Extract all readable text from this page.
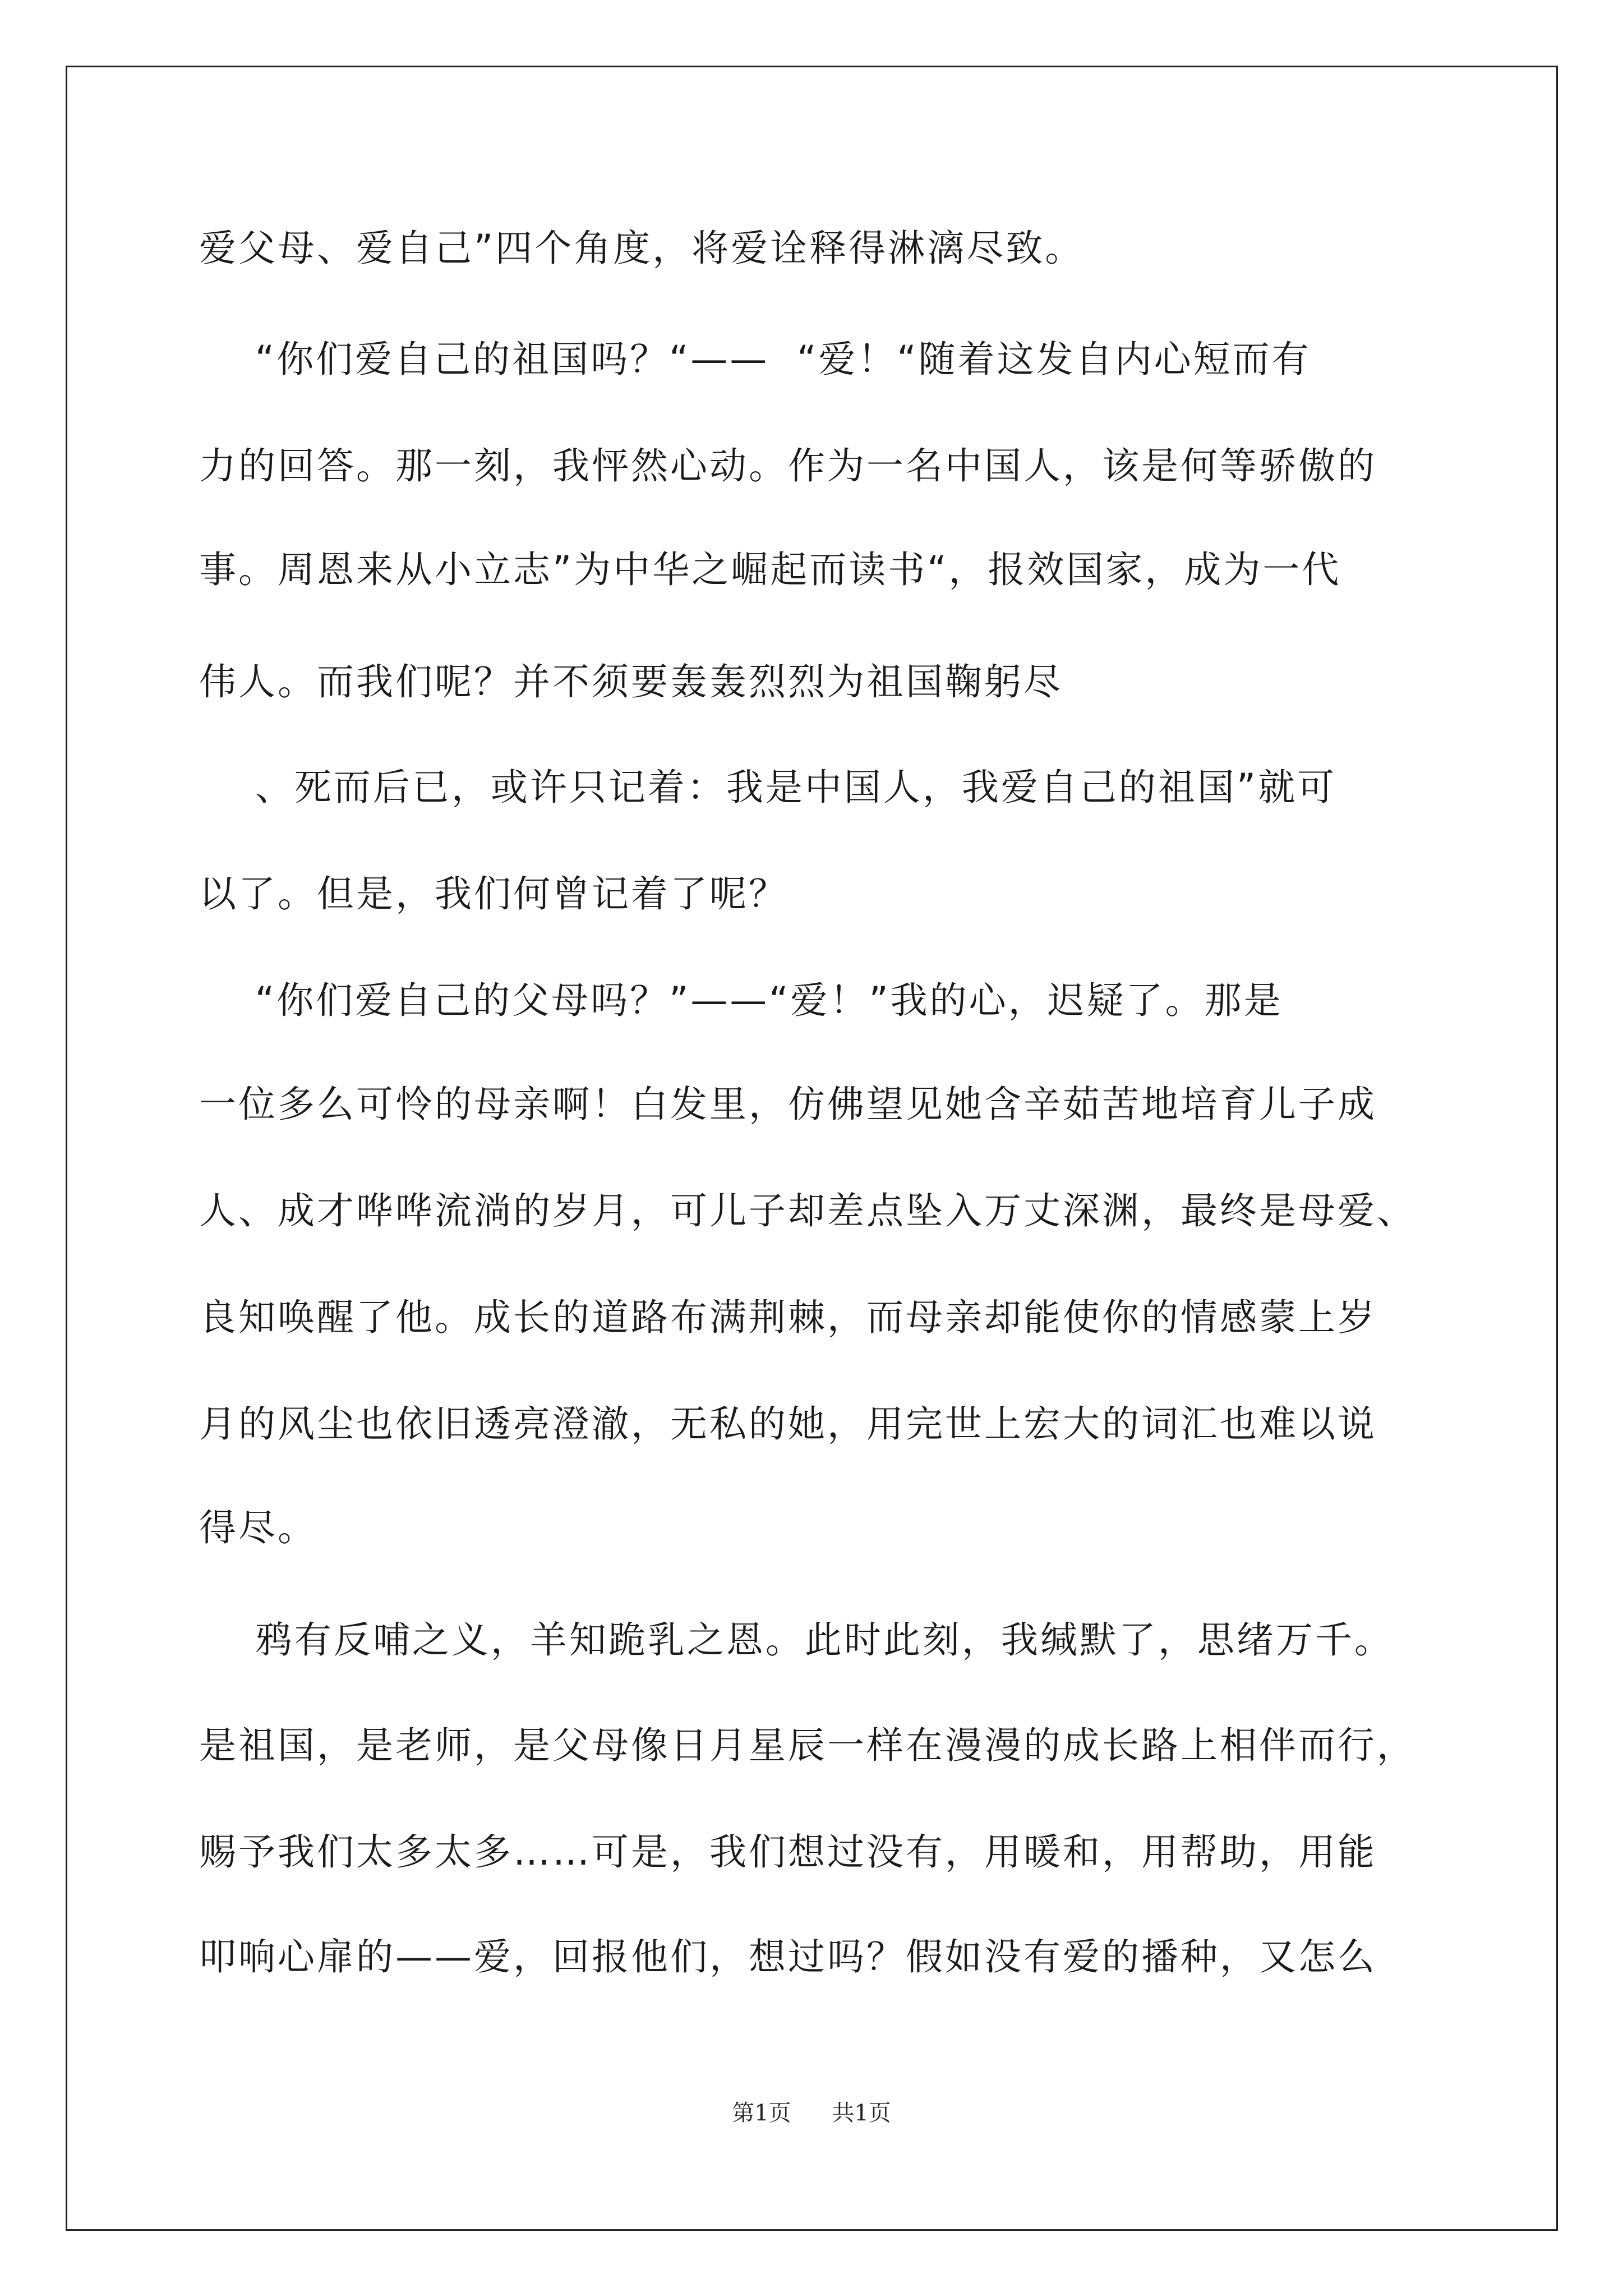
爱父母、爱自己”四个角度，将爱诠释得淋漓尽致。
“你们爱自己的祖国吗？“——  “爱！“随着这发自内心短而有
力的回答。那一刻，我怦然心动。作为一名中国人，该是何等骄傲的
事。周恩来从小立志”为中华之崛起而读书“，报效国家，成为一代
伟人。而我们呢？并不须要轰轰烈烈为祖国鞠躬尽
、死而后已，或许只记着：我是中国人，我爱自己的祖国”就可
以了。但是，我们何曾记着了呢？
“你们爱自己的父母吗？”——“爱！”我的心，迟疑了。那是
一位多么可怜的母亲啊！白发里，仿佛望见她含辛茹苦地培育儿子成
人、成才哗哗流淌的岁月，可儿子却差点坠入万丈深渊，最终是母爱、
良知唤醒了他。成长的道路布满荆棘，而母亲却能使你的情感蒙上岁
月的风尘也依旧透亮澄澈，无私的她，用完世上宏大的词汇也难以说
得尽。
鸦有反哺之义，羊知跪乳之恩。此时此刻，我缄默了，思绪万千。
是祖国，是老师，是父母像日月星辰一样在漫漫的成长路上相伴而行，
赐予我们太多太多……可是，我们想过没有，用暖和，用帮助，用能
叩响心扉的——爱，回报他们，想过吗？假如没有爱的播种，又怎么
第1页 共1页
